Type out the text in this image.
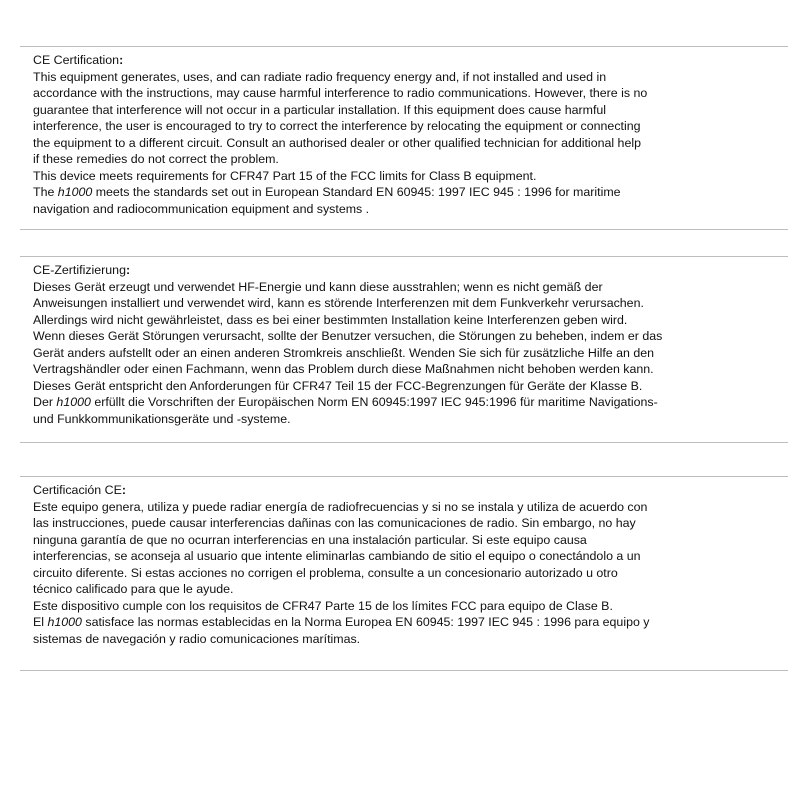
CE Certification:

This equipment generates, uses, and can radiate radio frequency energy and, if not installed and used in
accordance with the instructions, may cause harmful interference to radio communications. However, there is no
guarantee that interference will not occur in a particular installation. If this equipment does cause harmful
interference, the user is encouraged to try to correct the interference by relocating the equipment or connecting
the equipment to a different circuit. Consult an authorised dealer or other qualified technician for additional help
if these remedies do not correct the problem.
This device meets requirements for CFR47 Part 15 of the FCC limits for Class B equipment.
The h1000 meets the standards set out in European Standard EN 60945: 1997 IEC 945 : 1996 for maritime
navigation and radiocommunication equipment and systems .

CE-Zertifizierung:

Dieses Gerät erzeugt und verwendet HF-Energie und kann diese ausstrahlen; wenn es nicht gemäß der
Anweisungen installiert und verwendet wird, kann es störende Interferenzen mit dem Funkverkehr verursachen.
Allerdings wird nicht gewährleistet, dass es bei einer bestimmten Installation keine Interferenzen geben wird.
Wenn dieses Gerät Störungen verursacht, sollte der Benutzer versuchen, die Störungen zu beheben, indem er das
Gerät anders aufstellt oder an einen anderen Stromkreis anschließt. Wenden Sie sich für zusätzliche Hilfe an den
Vertragshändler oder einen Fachmann, wenn das Problem durch diese Maßnahmen nicht behoben werden kann.
Dieses Gerät entspricht den Anforderungen für CFR47 Teil 15 der FCC-Begrenzungen für Geräte der Klasse B.
Der h1000 erfüllt die Vorschriften der Europäischen Norm EN 60945:1997 IEC 945:1996 für maritime Navigations-
und Funkkommunikationsgeräte und -systeme.

Certificación CE:

Este equipo genera, utiliza y puede radiar energía de radiofrecuencias y si no se instala y utiliza de acuerdo con
las instrucciones, puede causar interferencias dañinas con las comunicaciones de radio. Sin embargo, no hay
ninguna garantía de que no ocurran interferencias en una instalación particular. Si este equipo causa
interferencias, se aconseja al usuario que intente eliminarlas cambiando de sitio el equipo o conectándolo a un
circuito diferente. Si estas acciones no corrigen el problema, consulte a un concesionario autorizado u otro
técnico calificado para que le ayude.
Este dispositivo cumple con los requisitos de CFR47 Parte 15 de los límites FCC para equipo de Clase B.
El h1000 satisface las normas establecidas en la Norma Europea EN 60945: 1997 IEC 945 : 1996 para equipo y
sistemas de navegación y radio comunicaciones marítimas.
